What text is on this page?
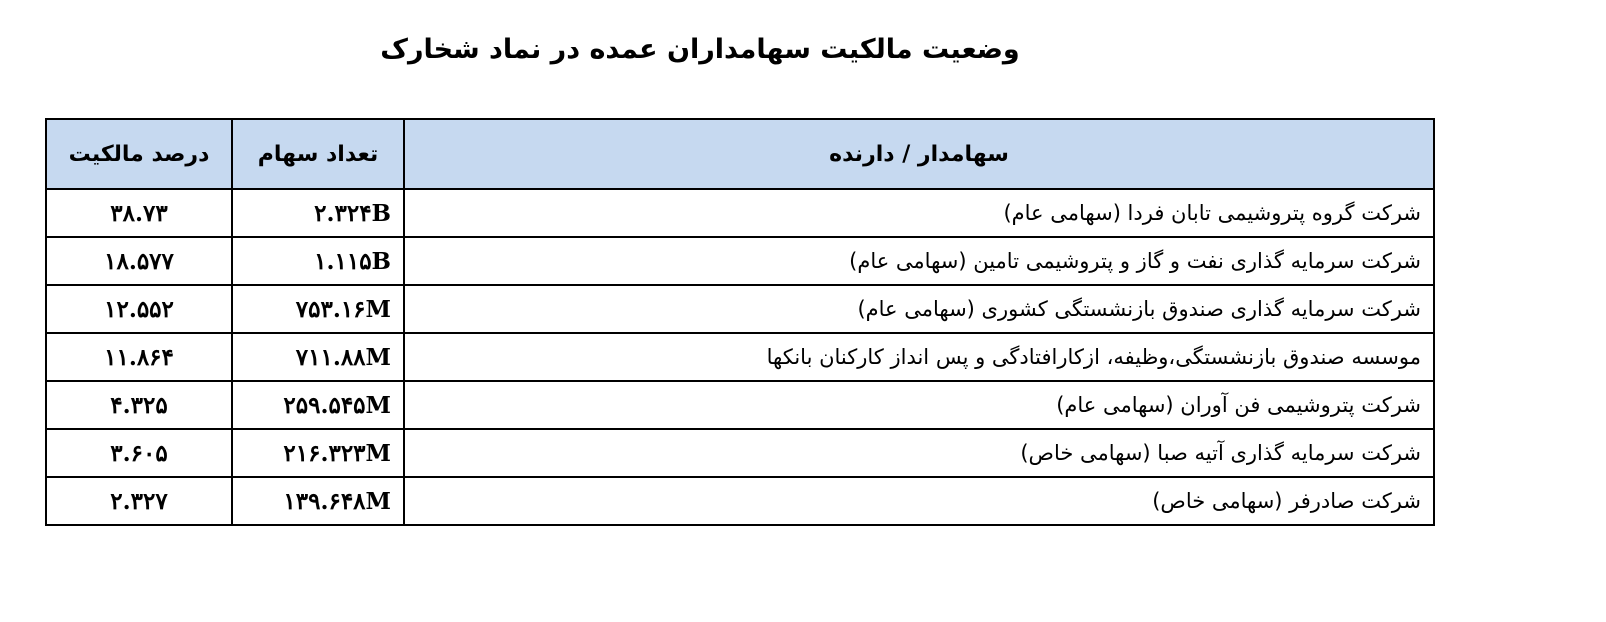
وضعیت مالکیت سهامداران عمده در نماد شخارک
درصد مالکیت	تعداد سهام	سهامدار / دارنده
۳۸.۷۳	۲.۳۲۴B	شرکت گروه پتروشیمی تابان فردا (سهامی عام)
۱۸.۵۷۷	۱.۱۱۵B	شرکت سرمایه گذاری نفت و گاز و پتروشیمی تامین (سهامی عام)
۱۲.۵۵۲	۷۵۳.۱۶M	شرکت سرمایه گذاری صندوق بازنشستگی کشوری (سهامی عام)
۱۱.۸۶۴	۷۱۱.۸۸M	موسسه صندوق بازنشستگی،وظیفه، ازکارافتادگی و پس انداز کارکنان بانکها
۴.۳۲۵	۲۵۹.۵۴۵M	شرکت پتروشیمی فن آوران (سهامی عام)
۳.۶۰۵	۲۱۶.۳۲۳M	شرکت سرمایه گذاری آتیه صبا (سهامی خاص)
۲.۳۲۷	۱۳۹.۶۴۸M	شرکت صادرفر (سهامی خاص)
